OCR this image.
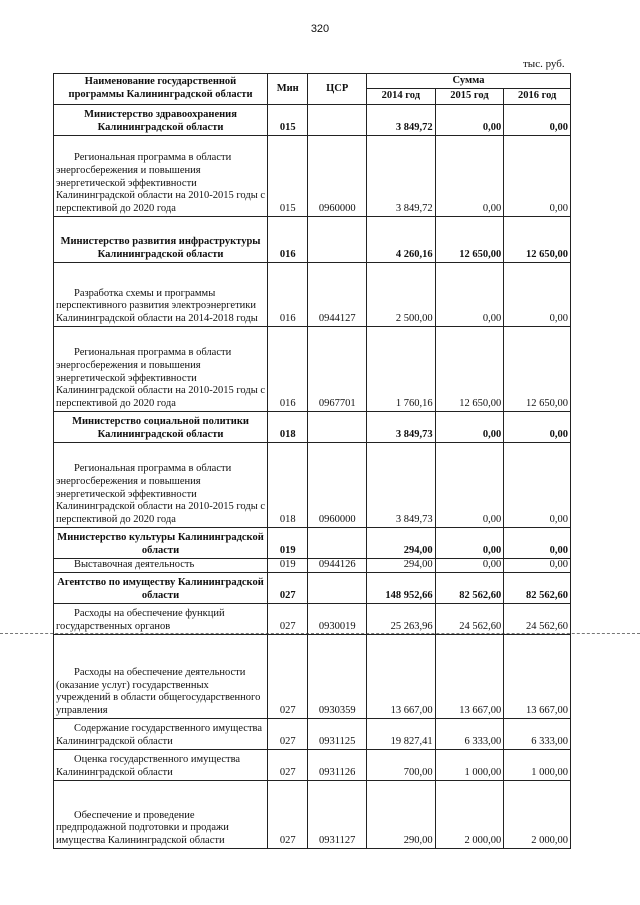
320
тыс. руб.
Наименование государственной программы Калининградской области	Мин	ЦСР	Сумма		
			2014 год	2015 год	2016 год
Министерство здравоохранения Калининградской области	015		3 849,72	0,00	0,00
Региональная программа в области энергосбережения и повышения энергетической эффективности Калининградской области на 2010-2015 годы с перспективой до 2020 года	015	0960000	3 849,72	0,00	0,00
Министерство развития инфраструктуры Калининградской области	016		4 260,16	12 650,00	12 650,00
Разработка схемы и программы перспективного развития электроэнергетики Калининградской области на 2014-2018 годы	016	0944127	2 500,00	0,00	0,00
Региональная программа в области энергосбережения и повышения энергетической эффективности Калининградской области на 2010-2015 годы с перспективой до 2020 года	016	0967701	1 760,16	12 650,00	12 650,00
Министерство социальной политики Калининградской области	018		3 849,73	0,00	0,00
Региональная программа в области энергосбережения и повышения энергетической эффективности Калининградской области на 2010-2015 годы с перспективой до 2020 года	018	0960000	3 849,73	0,00	0,00
Министерство культуры Калининградской области	019		294,00	0,00	0,00
Выставочная деятельность	019	0944126	294,00	0,00	0,00
Агентство по имуществу Калининградской области	027		148 952,66	82 562,60	82 562,60
Расходы на обеспечение функций государственных органов	027	0930019	25 263,96	24 562,60	24 562,60
Расходы на обеспечение деятельности (оказание услуг) государственных учреждений в области общегосударственного управления	027	0930359	13 667,00	13 667,00	13 667,00
Содержание государственного имущества Калининградской области	027	0931125	19 827,41	6 333,00	6 333,00
Оценка государственного имущества Калининградской области	027	0931126	700,00	1 000,00	1 000,00
Обеспечение и проведение предпродажной подготовки и продажи имущества Калининградской области	027	0931127	290,00	2 000,00	2 000,00
